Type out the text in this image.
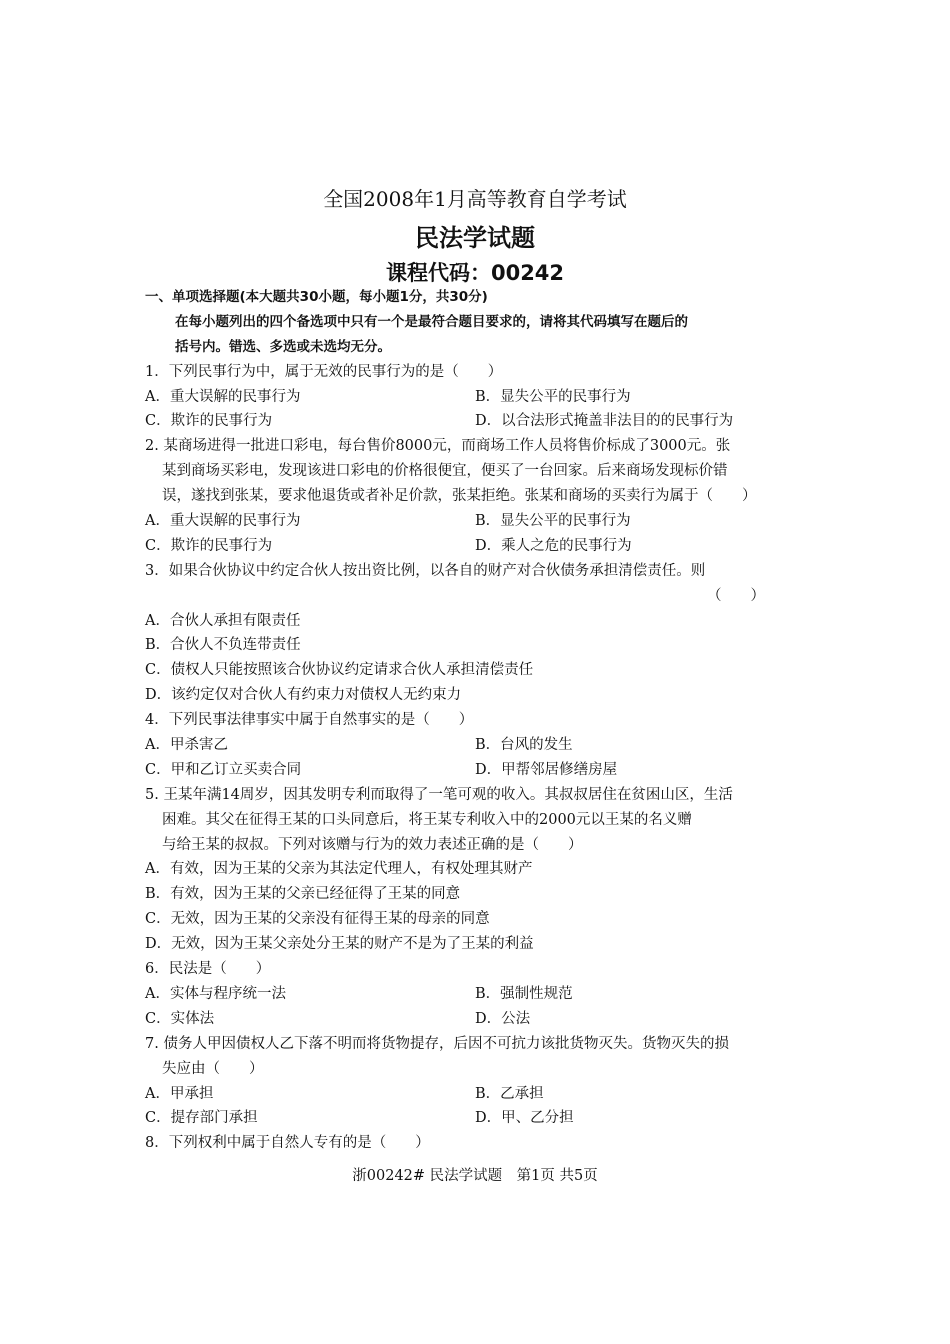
全国2008年1月高等教育自学考试
民法学试题
课程代码：00242
一、单项选择题(本大题共30小题，每小题1分，共30分)
在每小题列出的四个备选项中只有一个是最符合题目要求的，请将其代码填写在题后的
括号内。错选、多选或未选均无分。
1．下列民事行为中，属于无效的民事行为的是（　　）
A．重大误解的民事行为	B．显失公平的民事行为
C．欺诈的民事行为	D．以合法形式掩盖非法目的的民事行为
2. 某商场进得一批进口彩电，每台售价8000元，而商场工作人员将售价标成了3000元。张
某到商场买彩电，发现该进口彩电的价格很便宜，便买了一台回家。后来商场发现标价错
误，遂找到张某，要求他退货或者补足价款，张某拒绝。张某和商场的买卖行为属于（　　）
A．重大误解的民事行为	B．显失公平的民事行为
C．欺诈的民事行为	D．乘人之危的民事行为
3．如果合伙协议中约定合伙人按出资比例，以各自的财产对合伙债务承担清偿责任。则
（　　）
A．合伙人承担有限责任
B．合伙人不负连带责任
C．债权人只能按照该合伙协议约定请求合伙人承担清偿责任
D．该约定仅对合伙人有约束力对债权人无约束力
4．下列民事法律事实中属于自然事实的是（　　）
A．甲杀害乙	B．台风的发生
C．甲和乙订立买卖合同	D．甲帮邻居修缮房屋
5. 王某年满14周岁，因其发明专利而取得了一笔可观的收入。其叔叔居住在贫困山区，生活
困难。其父在征得王某的口头同意后，将王某专利收入中的2000元以王某的名义赠
与给王某的叔叔。下列对该赠与行为的效力表述正确的是（　　）
A．有效，因为王某的父亲为其法定代理人，有权处理其财产
B．有效，因为王某的父亲已经征得了王某的同意
C．无效，因为王某的父亲没有征得王某的母亲的同意
D．无效，因为王某父亲处分王某的财产不是为了王某的利益
6．民法是（　　）
A．实体与程序统一法	B．强制性规范
C．实体法	D．公法
7. 债务人甲因债权人乙下落不明而将货物提存，后因不可抗力该批货物灭失。货物灭失的损
失应由（　　）
A．甲承担	B．乙承担
C．提存部门承担	D．甲、乙分担
8．下列权利中属于自然人专有的是（　　）
浙00242# 民法学试题　第1页 共5页
